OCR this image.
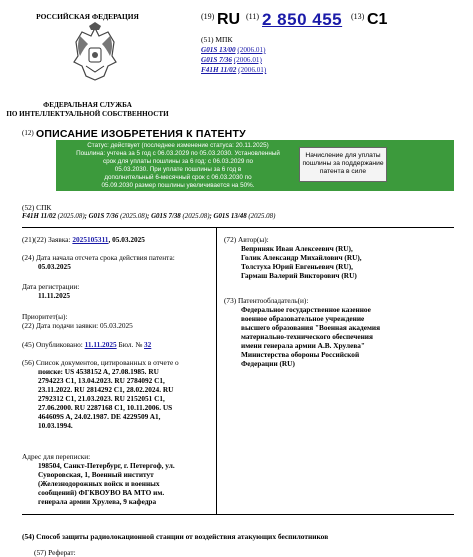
РОССИЙСКАЯ ФЕДЕРАЦИЯ
ФЕДЕРАЛЬНАЯ СЛУЖБА
ПО ИНТЕЛЛЕКТУАЛЬНОЙ СОБСТВЕННОСТИ
(19) RU (11) 2 850 455 (13) C1
(51) МПК
G01S 13/00 (2006.01)
G01S 7/36 (2006.01)
F41H 11/02 (2006.01)
(12) ОПИСАНИЕ ИЗОБРЕТЕНИЯ К ПАТЕНТУ
Статус: действует (последнее изменение статуса: 20.11.2025)
Пошлина: учтена за 5 год с 06.03.2029 по 05.03.2030. Установленный
срок для уплаты пошлины за 6 год: с 06.03.2029 по
05.03.2030. При уплате пошлины за 6 год в
дополнительный 6-месячный срок с 06.03.2030 по
05.09.2030 размер пошлины увеличивается на 50%.
Начисление для уплаты
пошлины за поддержание
патента в силе
(52) СПК
F41H 11/02 (2025.08); G01S 7/36 (2025.08); G01S 7/38 (2025.08); G01S 13/48 (2025.08)
(21)(22) Заявка: 2025105311, 05.03.2025
(24) Дата начала отсчета срока действия патента:
05.03.2025
Дата регистрации:
11.11.2025
Приоритет(ы):
(22) Дата подачи заявки: 05.03.2025
(45) Опубликовано: 11.11.2025 Бюл. № 32
(56) Список документов, цитированных в отчете о
поиске: US 4538152 A, 27.08.1985. RU
2794223 C1, 13.04.2023. RU 2784092 C1,
23.11.2022. RU 2814292 C1, 28.02.2024. RU
2792312 C1, 21.03.2023. RU 2152051 C1,
27.06.2000. RU 2287168 C1, 10.11.2006. US
464609S A, 24.02.1987. DE 4229509 A1,
10.03.1994.
Адрес для переписки:
198504, Санкт-Петербург, г. Петергоф, ул.
Суворовская, 1, Военный институт
(Железнодорожных войск и военных
сообщений) ФГКВОУВО ВА МТО им.
генерала армии Хрулева, 9 кафедра
(72) Автор(ы):
Веприняк Иван Алексеевич (RU),
Голик Александр Михайлович (RU),
Толстуха Юрий Евгеньевич (RU),
Гармаш Валерий Викторович (RU)
(73) Патентообладатель(и):
Федеральное государственное казенное
военное образовательное учреждение
высшего образования "Военная академия
материально-технического обеспечения
имени генерала армии А.В. Хрулева"
Министерства обороны Российской
Федерации (RU)
(54) Способ защиты радиолокационной станции от воздействия атакующих беспилотников
(57) Реферат:
